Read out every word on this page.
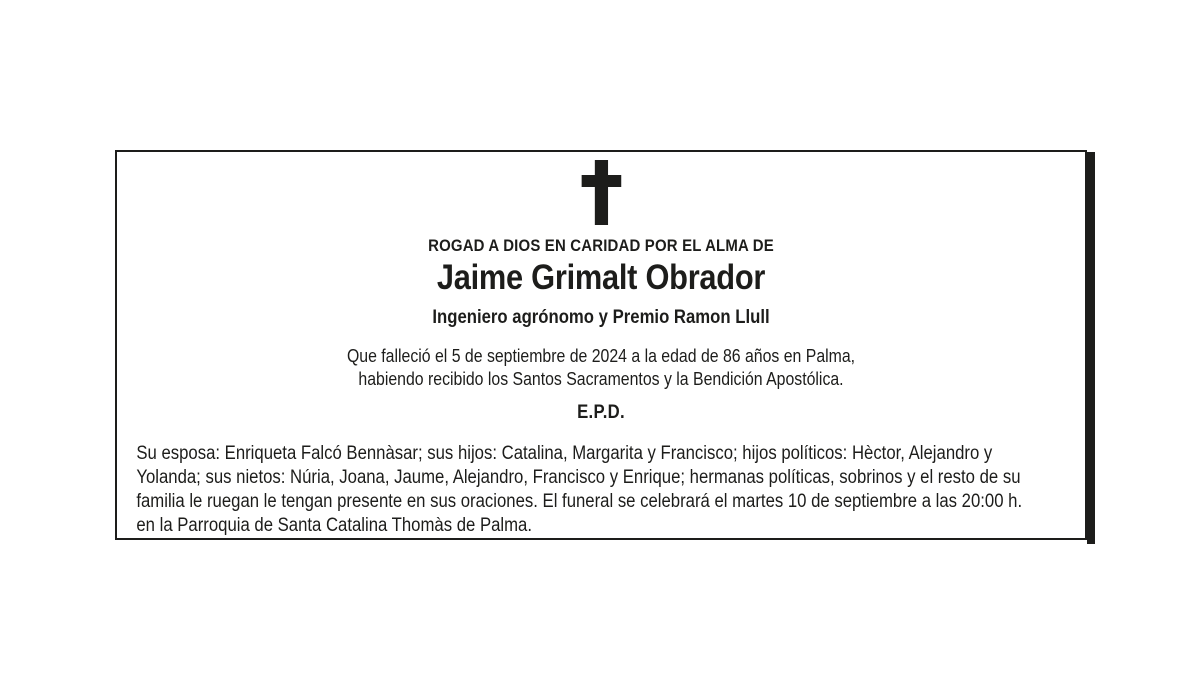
ROGAD A DIOS EN CARIDAD POR EL ALMA DE
Jaime Grimalt Obrador
Ingeniero agrónomo y Premio Ramon Llull

Que falleció el 5 de septiembre de 2024 a la edad de 86 años en Palma,
habiendo recibido los Santos Sacramentos y la Bendición Apostólica.

E.P.D.

Su esposa: Enriqueta Falcó Bennàsar; sus hijos: Catalina, Margarita y Francisco; hijos políticos: Hèctor, Alejandro y Yolanda; sus nietos: Núria, Joana, Jaume, Alejandro, Francisco y Enrique; hermanas políticas, sobrinos y el resto de su familia le ruegan le tengan presente en sus oraciones. El funeral se celebrará el martes 10 de septiembre a las 20:00 h. en la Parroquia de Santa Catalina Thomàs de Palma.
